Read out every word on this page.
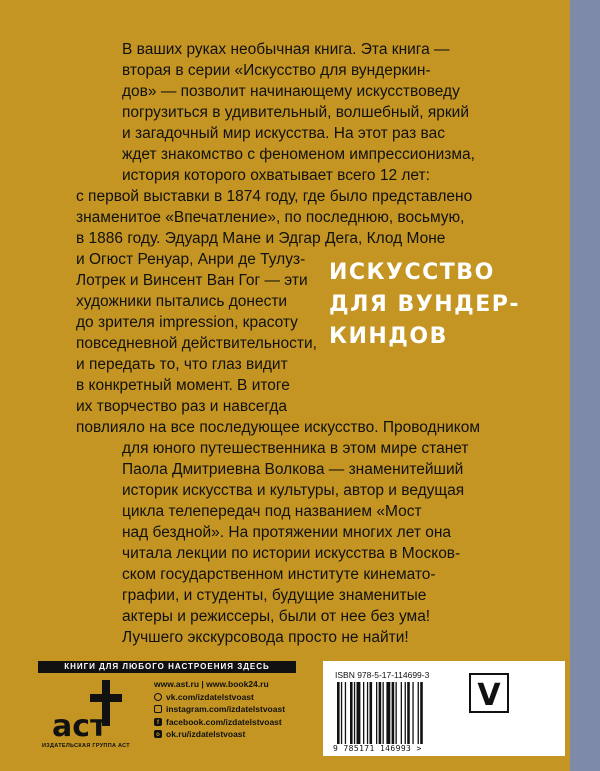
В ваших руках необычная книга. Эта книга —
вторая в серии «Искусство для вундеркин-
дов» — позволит начинающему искусствоведу
погрузиться в удивительный, волшебный, яркий
и загадочный мир искусства. На этот раз вас
ждет знакомство с феноменом импрессионизма,
история которого охватывает всего 12 лет:
с первой выставки в 1874 году, где было представлено
знаменитое «Впечатление», по последнюю, восьмую,
в 1886 году. Эдуард Мане и Эдгар Дега, Клод Моне
и Огюст Ренуар, Анри де Тулуз-
Лотрек и Винсент Ван Гог — эти
художники пытались донести
до зрителя impression, красоту
повседневной действительности,
и передать то, что глаз видит
в конкретный момент. В итоге
их творчество раз и навсегда
повлияло на все последующее искусство. Проводником
для юного путешественника в этом мире станет
Паола Дмитриевна Волкова — знаменитейший
историк искусства и культуры, автор и ведущая
цикла телепередач под названием «Мост
над бездной». На протяжении многих лет она
читала лекции по истории искусства в Москов-
ском государственном институте кинемато-
графии, и студенты, будущие знаменитые
актеры и режиссеры, были от нее без ума!
Лучшего экскурсовода просто не найти!
ИСКУССТВО
ДЛЯ ВУНДЕР-
КИНДОВ
КНИГИ ДЛЯ ЛЮБОГО НАСТРОЕНИЯ ЗДЕСЬ
аст
ИЗДАТЕЛЬСКАЯ ГРУППА АСТ
www.ast.ru | www.book24.ru
vk.com/izdatelstvoast
instagram.com/izdatelstvoast
f facebook.com/izdatelstvoast
o ok.ru/izdatelstvoast
ISBN 978-5-17-114699-3
9 785171 146993 >
V
